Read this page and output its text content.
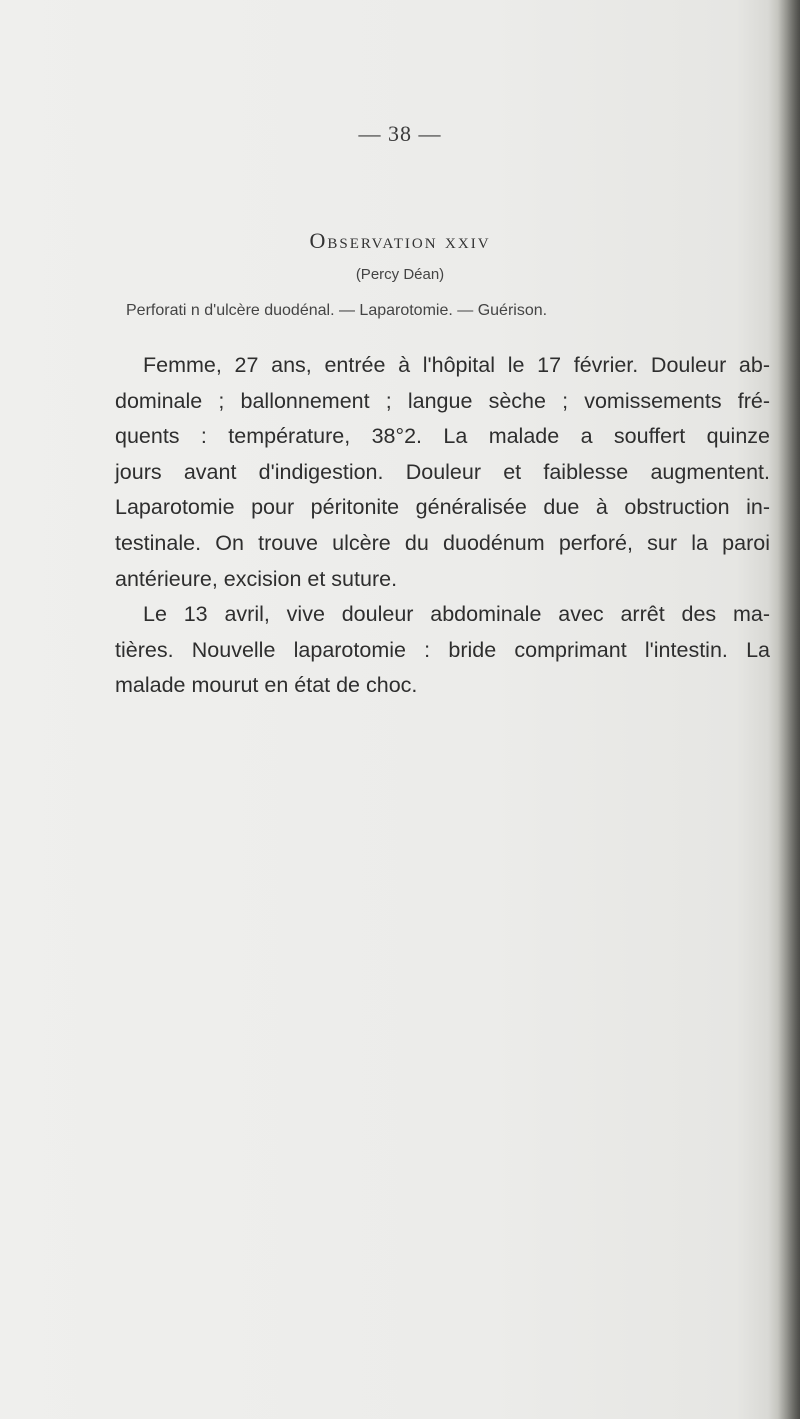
— 38 —

Observation xxiv

(Percy Déan)

Perforati n d'ulcère duodénal. — Laparotomie. — Guérison.

Femme, 27 ans, entrée à l'hôpital le 17 février. Douleur ab-
dominale ; ballonnement ; langue sèche ; vomissements fré-
quents : température, 38°2. La malade a souffert quinze
jours avant d'indigestion. Douleur et faiblesse augmentent.
Laparotomie pour péritonite généralisée due à obstruction in-
testinale. On trouve ulcère du duodénum perforé, sur la paroi
antérieure, excision et suture.
Le 13 avril, vive douleur abdominale avec arrêt des ma-
tières. Nouvelle laparotomie : bride comprimant l'intestin. La
malade mourut en état de choc.
